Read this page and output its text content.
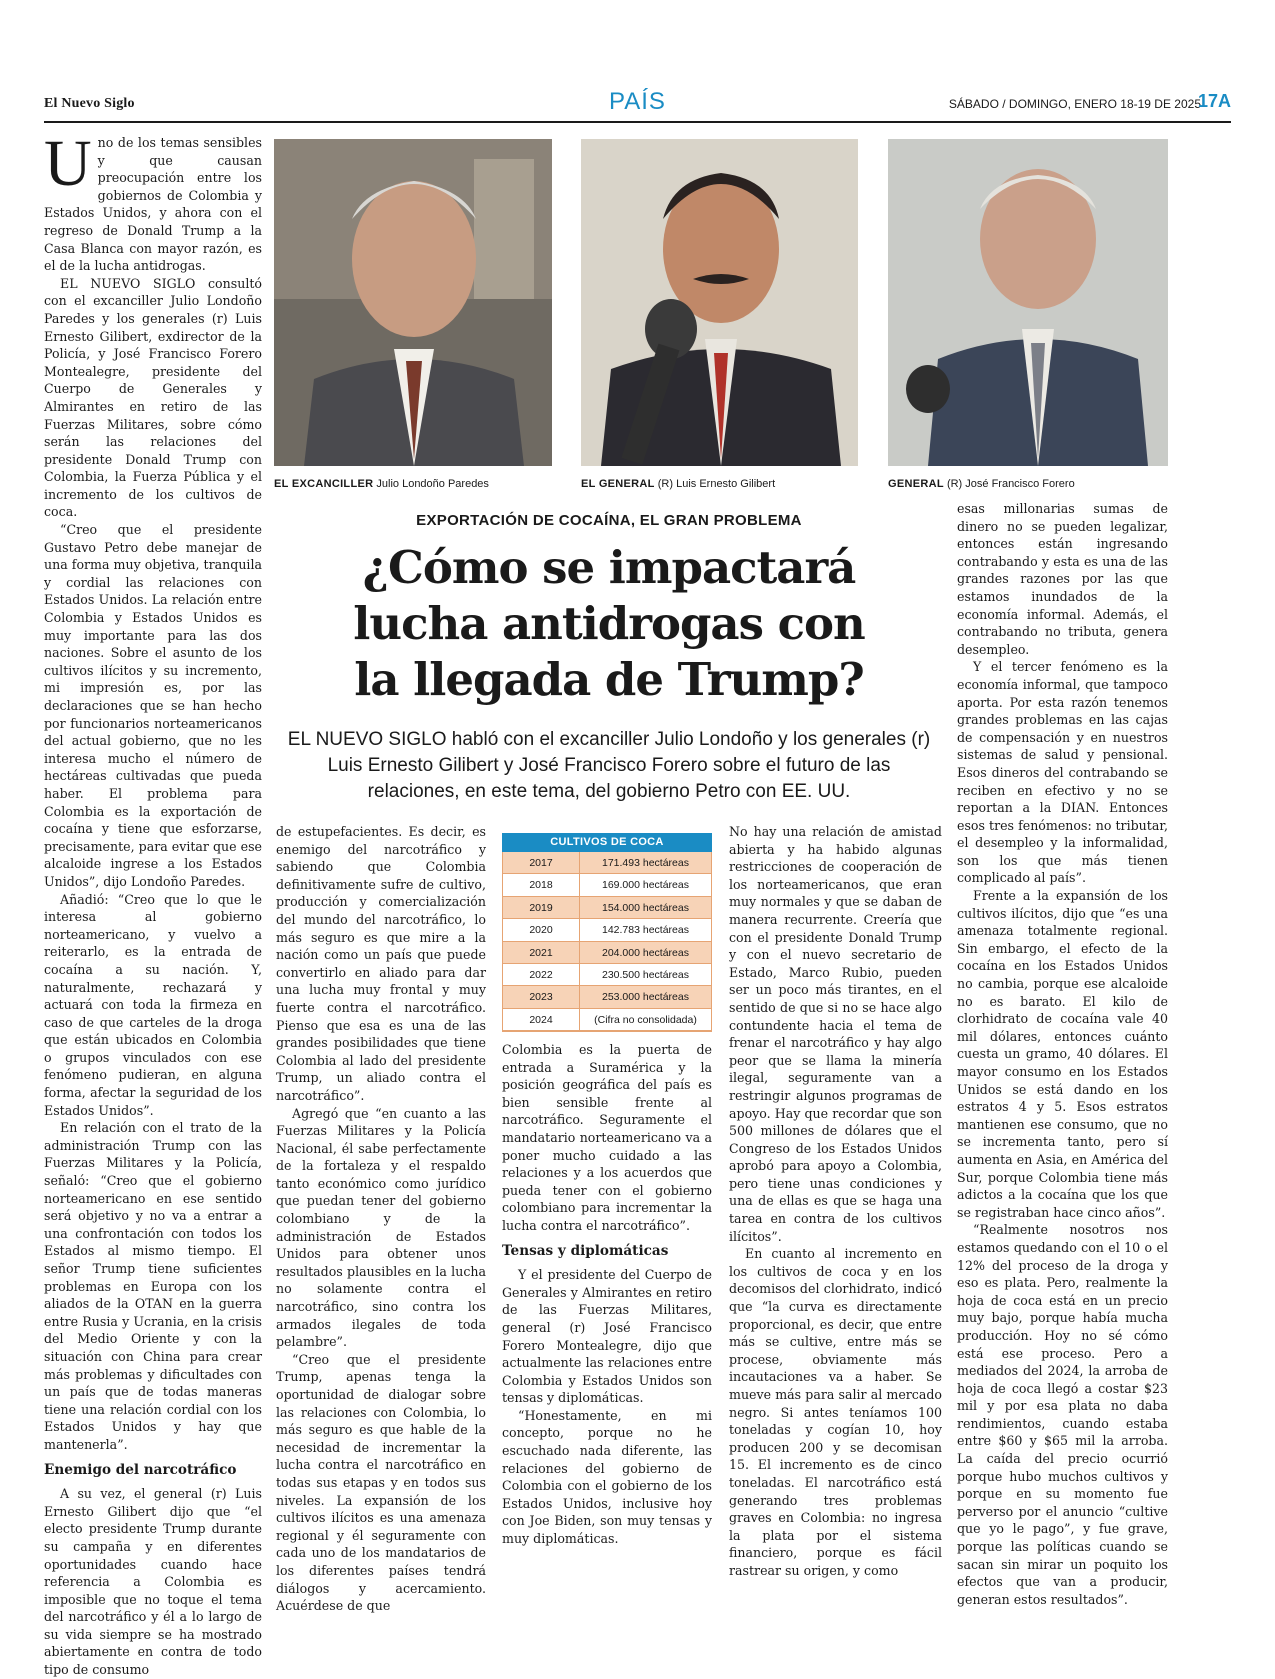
El Nuevo Siglo	PAÍS	SÁBADO / DOMINGO, ENERO 18-19 DE 2025
17A

Uno de los temas sensibles y que causan preocupación entre los gobiernos de Colombia y Estados Unidos, y ahora con el regreso de Donald Trump a la Casa Blanca con mayor razón, es el de la lucha antidrogas.

EL NUEVO SIGLO consultó con el excanciller Julio Londoño Paredes y los generales (r) Luis Ernesto Gilibert, exdirector de la Policía, y José Francisco Forero Montealegre, presidente del Cuerpo de Generales y Almirantes en retiro de las Fuerzas Militares, sobre cómo serán las relaciones del presidente Donald Trump con Colombia, la Fuerza Pública y el incremento de los cultivos de coca.

“Creo que el presidente Gustavo Petro debe manejar de una forma muy objetiva, tranquila y cordial las relaciones con Estados Unidos. La relación entre Colombia y Estados Unidos es muy importante para las dos naciones. Sobre el asunto de los cultivos ilícitos y su incremento, mi impresión es, por las declaraciones que se han hecho por funcionarios norteamericanos del actual gobierno, que no les interesa mucho el número de hectáreas cultivadas que pueda haber. El problema para Colombia es la exportación de cocaína y tiene que esforzarse, precisamente, para evitar que ese alcaloide ingrese a los Estados Unidos”, dijo Londoño Paredes.

Añadió: “Creo que lo que le interesa al gobierno norteamericano, y vuelvo a reiterarlo, es la entrada de cocaína a su nación. Y, naturalmente, rechazará y actuará con toda la firmeza en caso de que carteles de la droga que están ubicados en Colombia o grupos vinculados con ese fenómeno pudieran, en alguna forma, afectar la seguridad de los Estados Unidos”.

En relación con el trato de la administración Trump con las Fuerzas Militares y la Policía, señaló: “Creo que el gobierno norteamericano en ese sentido será objetivo y no va a entrar a una confrontación con todos los Estados al mismo tiempo. El señor Trump tiene suficientes problemas en Europa con los aliados de la OTAN en la guerra entre Rusia y Ucrania, en la crisis del Medio Oriente y con la situación con China para crear más problemas y dificultades con un país que de todas maneras tiene una relación cordial con los Estados Unidos y hay que mantenerla”.

Enemigo del narcotráfico

A su vez, el general (r) Luis Ernesto Gilibert dijo que “el electo presidente Trump durante su campaña y en diferentes oportunidades cuando hace referencia a Colombia es imposible que no toque el tema del narcotráfico y él a lo largo de su vida siempre se ha mostrado abiertamente en contra de todo tipo de consumo

EL EXCANCILLER Julio Londoño Paredes	EL GENERAL (R) Luis Ernesto Gilibert	GENERAL (R) José Francisco Forero
EXPORTACIÓN DE COCAÍNA, EL GRAN PROBLEMA
¿Cómo se impactará
lucha antidrogas con
la llegada de Trump?
EL NUEVO SIGLO habló con el excanciller Julio Londoño y los generales (r) Luis Ernesto Gilibert y José Francisco Forero sobre el futuro de las relaciones, en este tema, del gobierno Petro con EE. UU.

de estupefacientes. Es decir, es enemigo del narcotráfico y sabiendo que Colombia definitivamente sufre de cultivo, producción y comercialización del mundo del narcotráfico, lo más seguro es que mire a la nación como un país que puede convertirlo en aliado para dar una lucha muy frontal y muy fuerte contra el narcotráfico. Pienso que esa es una de las grandes posibilidades que tiene Colombia al lado del presidente Trump, un aliado contra el narcotráfico”.

Agregó que “en cuanto a las Fuerzas Militares y la Policía Nacional, él sabe perfectamente de la fortaleza y el respaldo tanto económico como jurídico que puedan tener del gobierno colombiano y de la administración de Estados Unidos para obtener unos resultados plausibles en la lucha no solamente contra el narcotráfico, sino contra los armados ilegales de toda pelambre”.

“Creo que el presidente Trump, apenas tenga la oportunidad de dialogar sobre las relaciones con Colombia, lo más seguro es que hable de la necesidad de incrementar la lucha contra el narcotráfico en todas sus etapas y en todos sus niveles. La expansión de los cultivos ilícitos es una amenaza regional y él seguramente con cada uno de los mandatarios de los diferentes países tendrá diálogos y acercamiento. Acuérdese de que

CULTIVOS DE COCA
2017	171.493 hectáreas
2018	169.000 hectáreas
2019	154.000 hectáreas
2020	142.783 hectáreas
2021	204.000 hectáreas
2022	230.500 hectáreas
2023	253.000 hectáreas
2024	(Cifra no consolidada)

Colombia es la puerta de entrada a Suramérica y la posición geográfica del país es bien sensible frente al narcotráfico. Seguramente el mandatario norteamericano va a poner mucho cuidado a las relaciones y a los acuerdos que pueda tener con el gobierno colombiano para incrementar la lucha contra el narcotráfico”.

Tensas y diplomáticas

Y el presidente del Cuerpo de Generales y Almirantes en retiro de las Fuerzas Militares, general (r) José Francisco Forero Montealegre, dijo que actualmente las relaciones entre Colombia y Estados Unidos son tensas y diplomáticas.

“Honestamente, en mi concepto, porque no he escuchado nada diferente, las relaciones del gobierno de Colombia con el gobierno de los Estados Unidos, inclusive hoy con Joe Biden, son muy tensas y muy diplomáticas.

No hay una relación de amistad abierta y ha habido algunas restricciones de cooperación de los norteamericanos, que eran muy normales y que se daban de manera recurrente. Creería que con el presidente Donald Trump y con el nuevo secretario de Estado, Marco Rubio, pueden ser un poco más tirantes, en el sentido de que si no se hace algo contundente hacia el tema de frenar el narcotráfico y hay algo peor que se llama la minería ilegal, seguramente van a restringir algunos programas de apoyo. Hay que recordar que son 500 millones de dólares que el Congreso de los Estados Unidos aprobó para apoyo a Colombia, pero tiene unas condiciones y una de ellas es que se haga una tarea en contra de los cultivos ilícitos”.

En cuanto al incremento en los cultivos de coca y en los decomisos del clorhidrato, indicó que “la curva es directamente proporcional, es decir, que entre más se cultive, entre más se procese, obviamente más incautaciones va a haber. Se mueve más para salir al mercado negro. Si antes teníamos 100 toneladas y cogían 10, hoy producen 200 y se decomisan 15. El incremento es de cinco toneladas. El narcotráfico está generando tres problemas graves en Colombia: no ingresa la plata por el sistema financiero, porque es fácil rastrear su origen, y como

esas millonarias sumas de dinero no se pueden legalizar, entonces están ingresando contrabando y esta es una de las grandes razones por las que estamos inundados de la economía informal. Además, el contrabando no tributa, genera desempleo.

Y el tercer fenómeno es la economía informal, que tampoco aporta. Por esta razón tenemos grandes problemas en las cajas de compensación y en nuestros sistemas de salud y pensional. Esos dineros del contrabando se reciben en efectivo y no se reportan a la DIAN. Entonces esos tres fenómenos: no tributar, el desempleo y la informalidad, son los que más tienen complicado al país”.

Frente a la expansión de los cultivos ilícitos, dijo que “es una amenaza totalmente regional. Sin embargo, el efecto de la cocaína en los Estados Unidos no cambia, porque ese alcaloide no es barato. El kilo de clorhidrato de cocaína vale 40 mil dólares, entonces cuánto cuesta un gramo, 40 dólares. El mayor consumo en los Estados Unidos se está dando en los estratos 4 y 5. Esos estratos mantienen ese consumo, que no se incrementa tanto, pero sí aumenta en Asia, en América del Sur, porque Colombia tiene más adictos a la cocaína que los que se registraban hace cinco años”.

“Realmente nosotros nos estamos quedando con el 10 o el 12% del proceso de la droga y eso es plata. Pero, realmente la hoja de coca está en un precio muy bajo, porque había mucha producción. Hoy no sé cómo está ese proceso. Pero a mediados del 2024, la arroba de hoja de coca llegó a costar $23 mil y por esa plata no daba rendimientos, cuando estaba entre $60 y $65 mil la arroba. La caída del precio ocurrió porque hubo muchos cultivos y porque en su momento fue perverso por el anuncio “cultive que yo le pago”, y fue grave, porque las políticas cuando se sacan sin mirar un poquito los efectos que van a producir, generan estos resultados”.
